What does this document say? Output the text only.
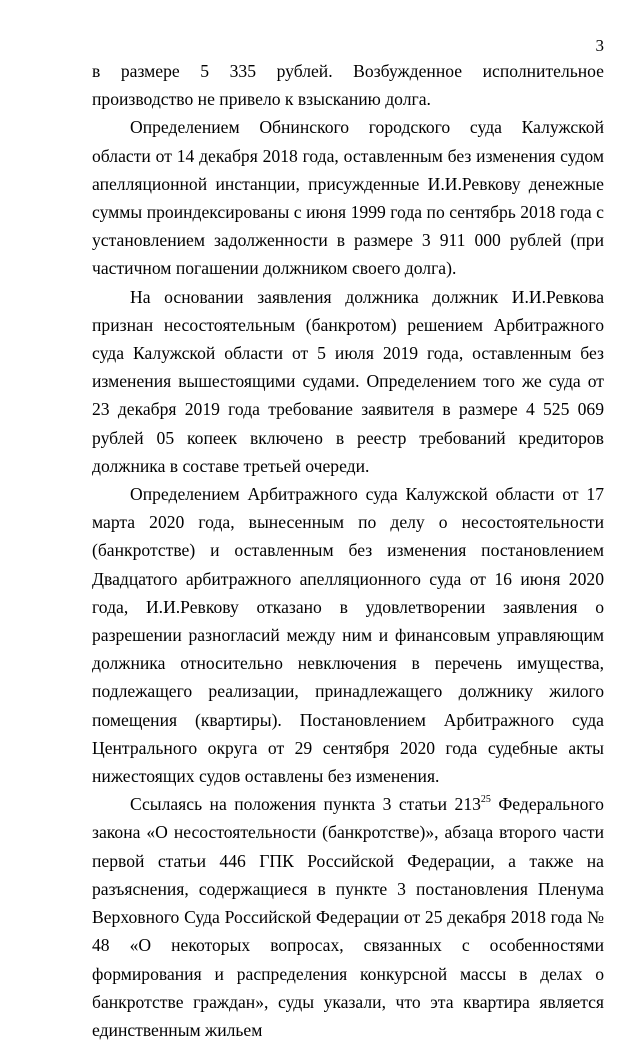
3

в размере 5 335 рублей. Возбужденное исполнительное производство не привело к взысканию долга.

Определением Обнинского городского суда Калужской области от 14 декабря 2018 года, оставленным без изменения судом апелляционной инстанции, присужденные И.И.Ревкову денежные суммы проиндексированы с июня 1999 года по сентябрь 2018 года с установлением задолженности в размере 3 911 000 рублей (при частичном погашении должником своего долга).

На основании заявления должника должник И.И.Ревкова признан несостоятельным (банкротом) решением Арбитражного суда Калужской области от 5 июля 2019 года, оставленным без изменения вышестоящими судами. Определением того же суда от 23 декабря 2019 года требование заявителя в размере 4 525 069 рублей 05 копеек включено в реестр требований кредиторов должника в составе третьей очереди.

Определением Арбитражного суда Калужской области от 17 марта 2020 года, вынесенным по делу о несостоятельности (банкротстве) и оставленным без изменения постановлением Двадцатого арбитражного апелляционного суда от 16 июня 2020 года, И.И.Ревкову отказано в удовлетворении заявления о разрешении разногласий между ним и финансовым управляющим должника относительно невключения в перечень имущества, подлежащего реализации, принадлежащего должнику жилого помещения (квартиры). Постановлением Арбитражного суда Центрального округа от 29 сентября 2020 года судебные акты нижестоящих судов оставлены без изменения.

Ссылаясь на положения пункта 3 статьи $213^{25}$ Федерального закона «О несостоятельности (банкротстве)», абзаца второго части первой статьи 446 ГПК Российской Федерации, а также на разъяснения, содержащиеся в пункте 3 постановления Пленума Верховного Суда Российской Федерации от 25 декабря 2018 года № 48 «О некоторых вопросах, связанных с особенностями формирования и распределения конкурсной массы в делах о банкротстве граждан», суды указали, что эта квартира является единственным жильем
